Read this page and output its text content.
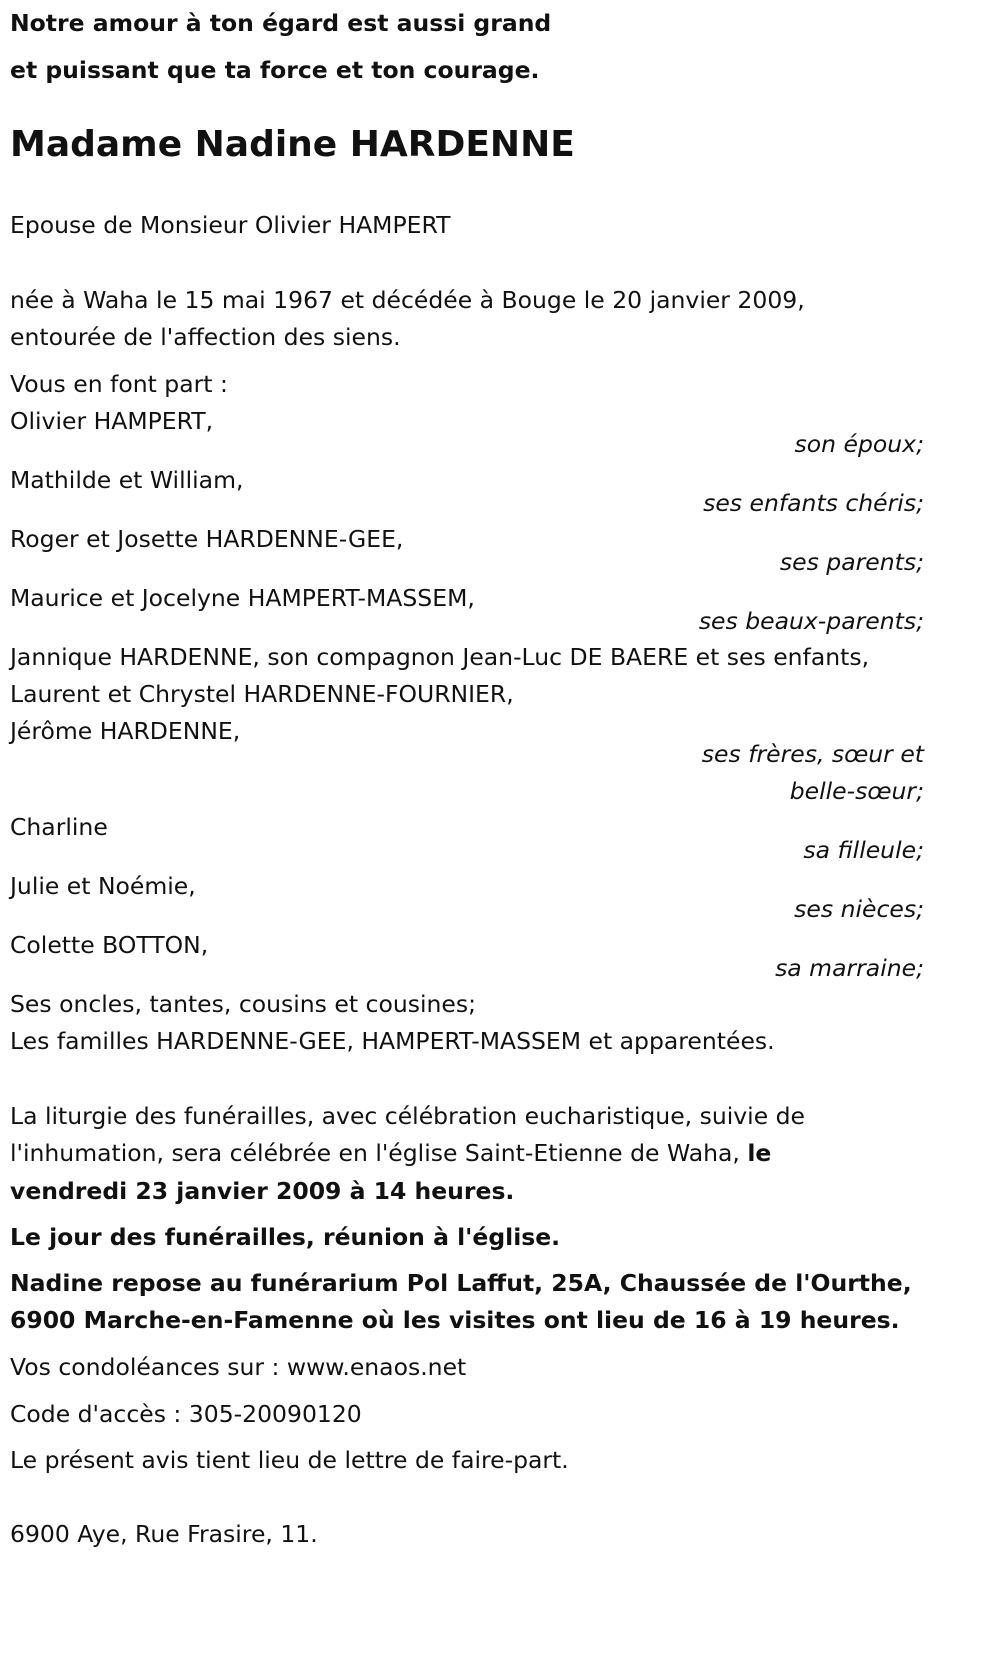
Notre amour à ton égard est aussi grand
et puissant que ta force et ton courage.
Madame Nadine HARDENNE
Epouse de Monsieur Olivier HAMPERT
née à Waha le 15 mai 1967 et décédée à Bouge le 20 janvier 2009,
entourée de l'affection des siens.
Vous en font part :
Olivier HAMPERT,
son époux;
Mathilde et William,
ses enfants chéris;
Roger et Josette HARDENNE-GEE,
ses parents;
Maurice et Jocelyne HAMPERT-MASSEM,
ses beaux-parents;
Jannique HARDENNE, son compagnon Jean-Luc DE BAERE et ses enfants,
Laurent et Chrystel HARDENNE-FOURNIER,
Jérôme HARDENNE,
ses frères, sœur et
belle-sœur;
Charline
sa filleule;
Julie et Noémie,
ses nièces;
Colette BOTTON,
sa marraine;
Ses oncles, tantes, cousins et cousines;
Les familles HARDENNE-GEE, HAMPERT-MASSEM et apparentées.
La liturgie des funérailles, avec célébration eucharistique, suivie de
l'inhumation, sera célébrée en l'église Saint-Etienne de Waha, le
vendredi 23 janvier 2009 à 14 heures.
Le jour des funérailles, réunion à l'église.
Nadine repose au funérarium Pol Laffut, 25A, Chaussée de l'Ourthe,
6900 Marche-en-Famenne où les visites ont lieu de 16 à 19 heures.
Vos condoléances sur : www.enaos.net
Code d'accès : 305-20090120
Le présent avis tient lieu de lettre de faire-part.
6900 Aye, Rue Frasire, 11.
